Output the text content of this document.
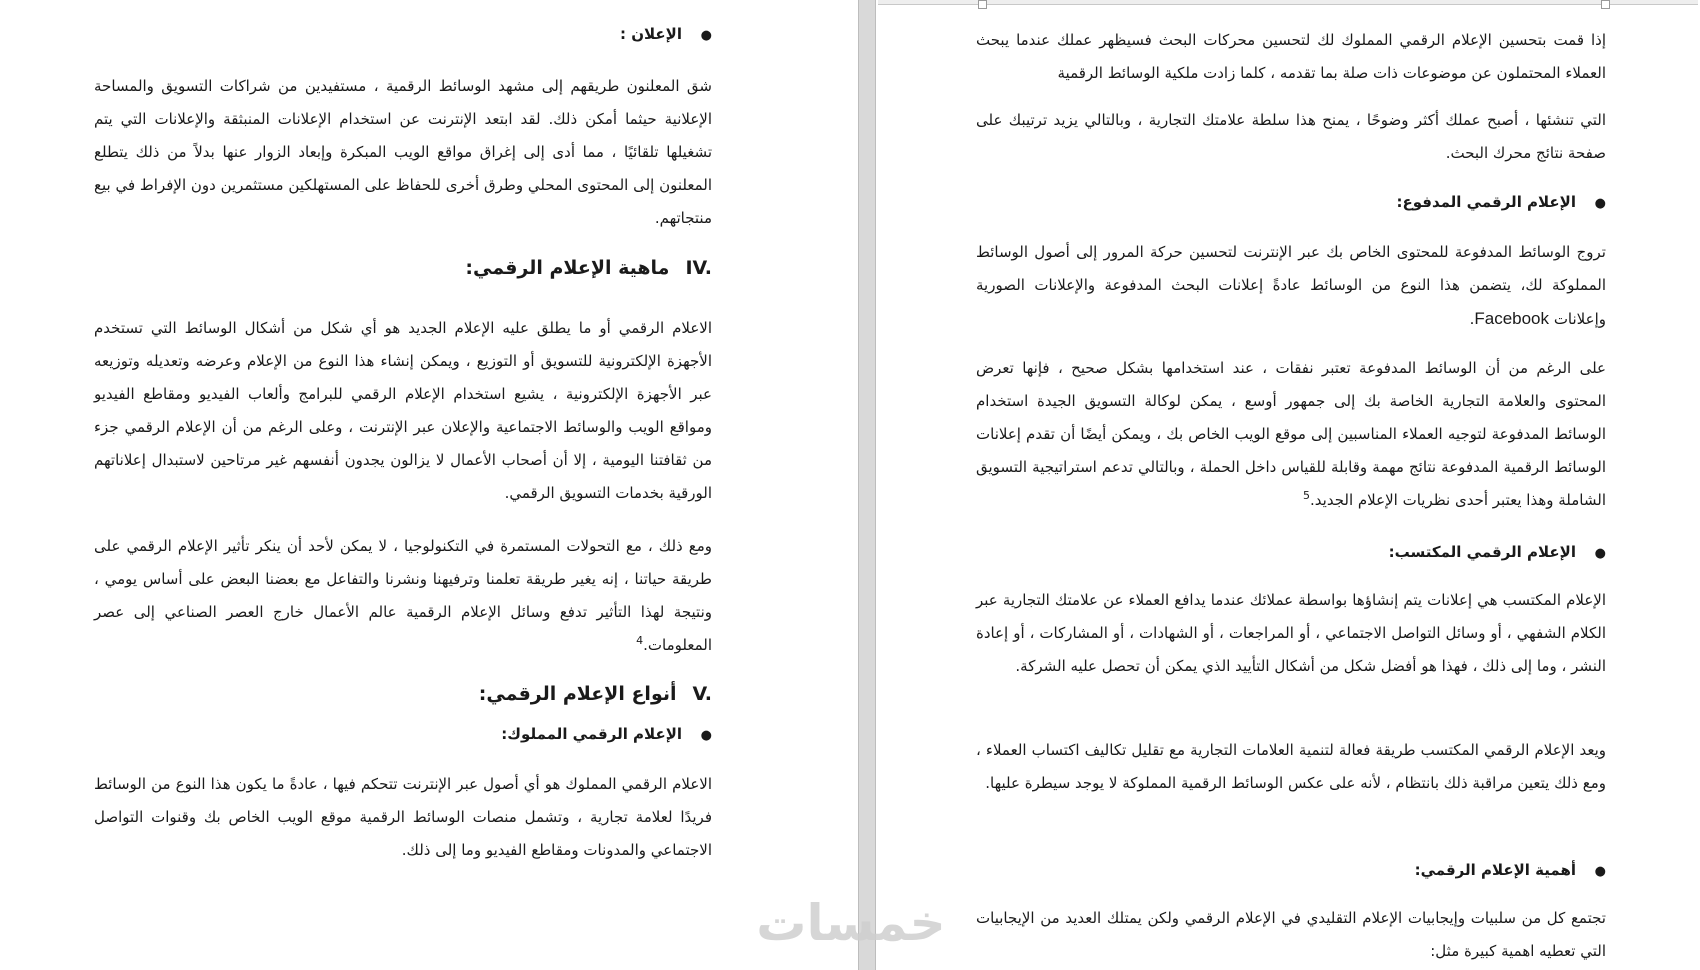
●الإعلان :

شق المعلنون طريقهم إلى مشهد الوسائط الرقمية ، مستفيدين من شراكات التسويق والمساحة الإعلانية حيثما أمكن ذلك. لقد ابتعد الإنترنت عن استخدام الإعلانات المنبثقة والإعلانات التي يتم تشغيلها تلقائيًا ، مما أدى إلى إغراق مواقع الويب المبكرة وإبعاد الزوار عنها بدلاً من ذلك يتطلع المعلنون إلى المحتوى المحلي وطرق أخرى للحفاظ على المستهلكين مستثمرين دون الإفراط في بيع منتجاتهم.

IV.ماهية الإعلام الرقمي:

الاعلام الرقمي أو ما يطلق عليه الإعلام الجديد هو أي شكل من أشكال الوسائط التي تستخدم الأجهزة الإلكترونية للتسويق أو التوزيع ، ويمكن إنشاء هذا النوع من الإعلام وعرضه وتعديله وتوزيعه عبر الأجهزة الإلكترونية ، يشيع استخدام الإعلام الرقمي للبرامج وألعاب الفيديو ومقاطع الفيديو ومواقع الويب والوسائط الاجتماعية والإعلان عبر الإنترنت ، وعلى الرغم من أن الإعلام الرقمي جزء من ثقافتنا اليومية ، إلا أن أصحاب الأعمال لا يزالون يجدون أنفسهم غير مرتاحين لاستبدال إعلاناتهم الورقية بخدمات التسويق الرقمي.

ومع ذلك ، مع التحولات المستمرة في التكنولوجيا ، لا يمكن لأحد أن ينكر تأثير الإعلام الرقمي على طريقة حياتنا ، إنه يغير طريقة تعلمنا وترفيهنا ونشرنا والتفاعل مع بعضنا البعض على أساس يومي ، ونتيجة لهذا التأثير تدفع وسائل الإعلام الرقمية عالم الأعمال خارج العصر الصناعي إلى عصر المعلومات.$^4$

V.أنواع الإعلام الرقمي:
●الإعلام الرقمي المملوك:

الاعلام الرقمي المملوك هو أي أصول عبر الإنترنت تتحكم فيها ، عادةً ما يكون هذا النوع من الوسائط فريدًا لعلامة تجارية ، وتشمل منصات الوسائط الرقمية موقع الويب الخاص بك وقنوات التواصل الاجتماعي والمدونات ومقاطع الفيديو وما إلى ذلك.

إذا قمت بتحسين الإعلام الرقمي المملوك لك لتحسين محركات البحث فسيظهر عملك عندما يبحث العملاء المحتملون عن موضوعات ذات صلة بما تقدمه ، كلما زادت ملكية الوسائط الرقمية

التي تنشئها ، أصبح عملك أكثر وضوحًا ، يمنح هذا سلطة علامتك التجارية ، وبالتالي يزيد ترتيبك على صفحة نتائج محرك البحث.

●الإعلام الرقمي المدفوع:

تروج الوسائط المدفوعة للمحتوى الخاص بك عبر الإنترنت لتحسين حركة المرور إلى أصول الوسائط المملوكة لك، يتضمن هذا النوع من الوسائط عادةً إعلانات البحث المدفوعة والإعلانات الصورية وإعلانات Facebook.

على الرغم من أن الوسائط المدفوعة تعتبر نفقات ، عند استخدامها بشكل صحيح ، فإنها تعرض المحتوى والعلامة التجارية الخاصة بك إلى جمهور أوسع ، يمكن لوكالة التسويق الجيدة استخدام الوسائط المدفوعة لتوجيه العملاء المناسبين إلى موقع الويب الخاص بك ، ويمكن أيضًا أن تقدم إعلانات الوسائط الرقمية المدفوعة نتائج مهمة وقابلة للقياس داخل الحملة ، وبالتالي تدعم استراتيجية التسويق الشاملة وهذا يعتبر أحدى نظريات الإعلام الجديد.$^5$

●الإعلام الرقمي المكتسب:

الإعلام المكتسب هي إعلانات يتم إنشاؤها بواسطة عملائك عندما يدافع العملاء عن علامتك التجارية عبر الكلام الشفهي ، أو وسائل التواصل الاجتماعي ، أو المراجعات ، أو الشهادات ، أو المشاركات ، أو إعادة النشر ، وما إلى ذلك ، فهذا هو أفضل شكل من أشكال التأييد الذي يمكن أن تحصل عليه الشركة.

ويعد الإعلام الرقمي المكتسب طريقة فعالة لتنمية العلامات التجارية مع تقليل تكاليف اكتساب العملاء ، ومع ذلك يتعين مراقبة ذلك بانتظام ، لأنه على عكس الوسائط الرقمية المملوكة لا يوجد سيطرة عليها.

●أهمية الإعلام الرقمي:

تجتمع كل من سلبيات وإيجابيات الإعلام التقليدي في الإعلام الرقمي ولكن يمتلك العديد من الإيجابيات التي تعطيه اهمية كبيرة مثل:

خمسات
